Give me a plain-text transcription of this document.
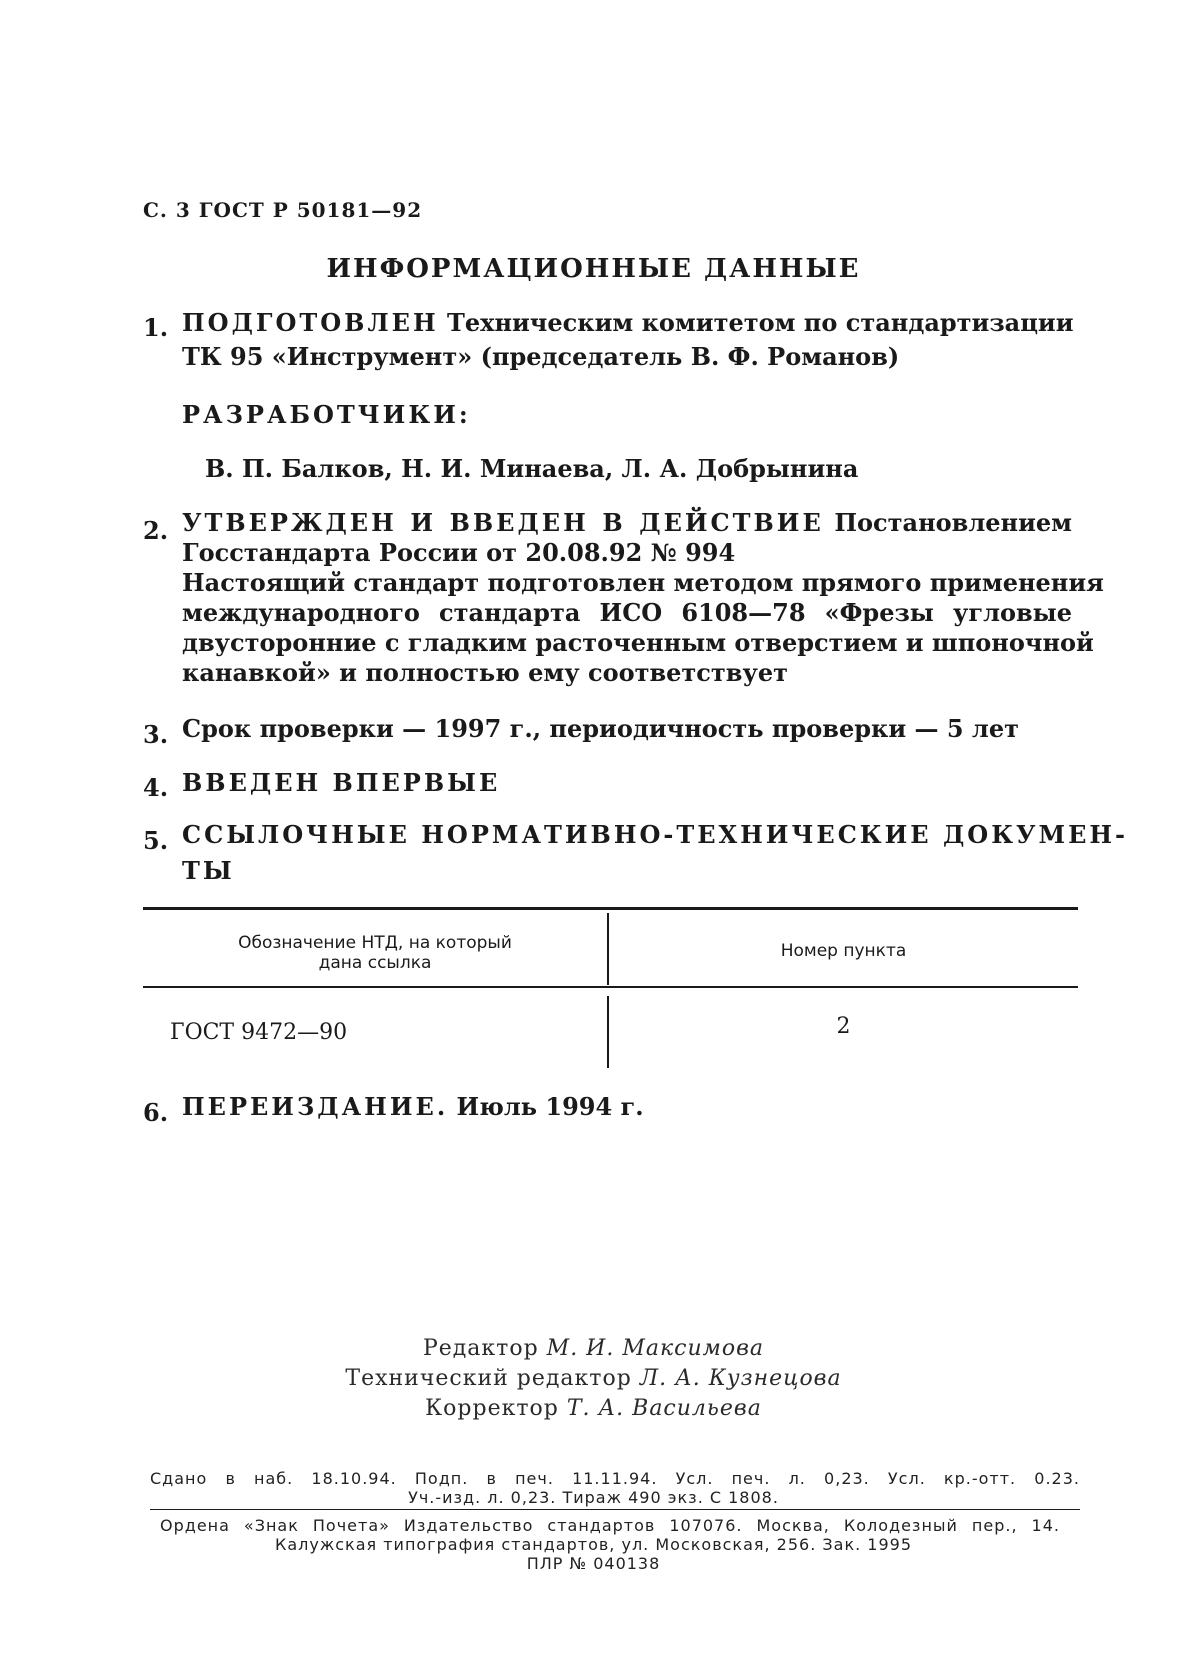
С. 3 ГОСТ Р 50181—92
ИНФОРМАЦИОННЫЕ ДАННЫЕ
1. ПОДГОТОВЛЕН Техническим комитетом по стандартизации
ТК 95 «Инструмент» (председатель В. Ф. Романов)
РАЗРАБОТЧИКИ:
В. П. Балков, Н. И. Минаева, Л. А. Добрынина
2. УТВЕРЖДЕН И ВВЕДЕН В ДЕЙСТВИЕ Постановлением
Госстандарта России от 20.08.92 № 994
Настоящий стандарт подготовлен методом прямого применения
международного стандарта ИСО 6108—78 «Фрезы угловые
двусторонние с гладким расточенным отверстием и шпоночной
канавкой» и полностью ему соответствует
3. Срок проверки — 1997 г., периодичность проверки — 5 лет
4. ВВЕДЕН ВПЕРВЫЕ
5. ССЫЛОЧНЫЕ НОРМАТИВНО-ТЕХНИЧЕСКИЕ ДОКУМЕН-
ТЫ
Обозначение НТД, на который
дана ссылка
Номер пункта
ГОСТ 9472—90	2
6. ПЕРЕИЗДАНИЕ. Июль 1994 г.
Редактор М. И. Максимова
Технический редактор Л. А. Кузнецова
Корректор Т. А. Васильева
Сдано в наб. 18.10.94. Подп. в печ. 11.11.94. Усл. печ. л. 0,23. Усл. кр.-отт. 0.23.
Уч.-изд. л. 0,23. Тираж 490 экз. С 1808.
Ордена «Знак Почета» Издательство стандартов 107076. Москва, Колодезный пер., 14.
Калужская типография стандартов, ул. Московская, 256. Зак. 1995
ПЛР № 040138
